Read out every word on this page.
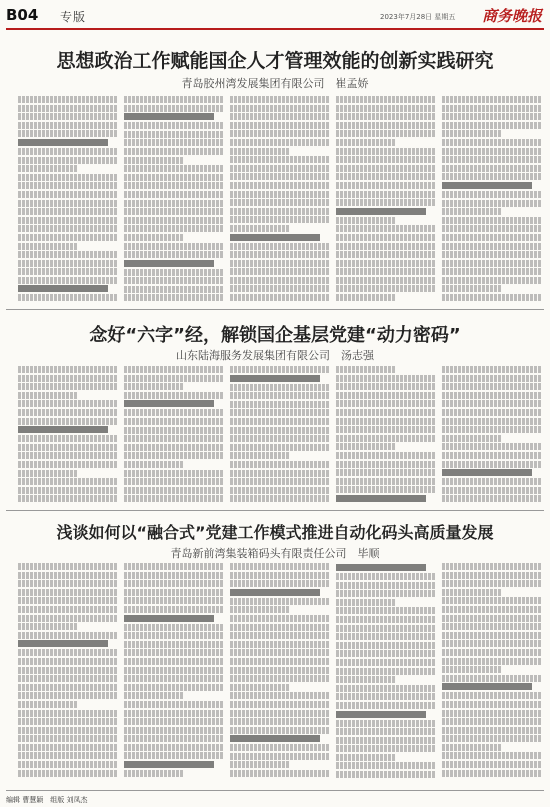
B04 专版	2023年7月28日 星期五 商务晚报
思想政治工作赋能国企人才管理效能的创新实践研究
青岛胶州湾发展集团有限公司　崔孟娇
念好“六字”经，解锁国企基层党建“动力密码”
山东陆海服务发展集团有限公司　汤志强
浅谈如何以“融合式”党建工作模式推进自动化码头高质量发展
青岛新前湾集装箱码头有限责任公司　毕顺
编辑 曹慧颖　组版 刘凤杰
